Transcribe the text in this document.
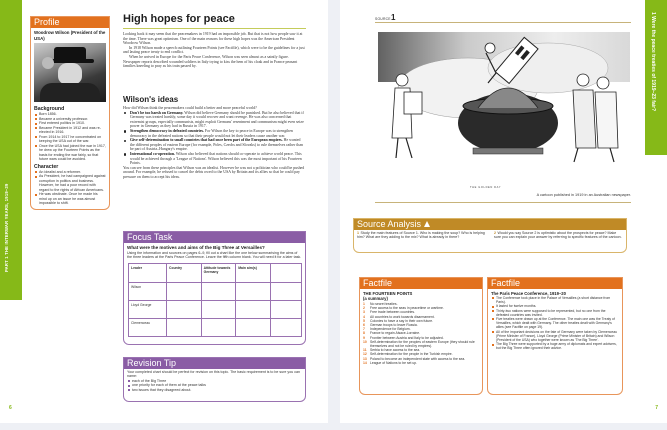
PART 1 THE INTERWAR YEARS, 1919–39
Profile
Woodrow Wilson (President of the USA)
Background
Born 1856.
Became a university professor.
First entered politics in 1910.
Became President in 1912 and was re-elected in 1916.
From 1914 to 1917 he concentrated on keeping the USA out of the war.
Once the USA had joined the war in 1917, he drew up the Fourteen Points as the basis for ending the war fairly, so that future wars could be avoided.
Character
An idealist and a reformer.
As President, he had campaigned against corruption in politics and business. However, he had a poor record with regard to the rights of African Americans.
He was obstinate. Once he made his mind up on an issue he was almost impossible to shift.
High hopes for peace

Looking back it may seem that the peacemakers in 1919 had an impossible job. But that is not how people saw it at the time. There was great optimism. One of the main reasons for these high hopes was the American President Woodrow Wilson.

In 1918 Wilson made a speech outlining Fourteen Points (see Factfile), which were to be the guidelines for a just and lasting peace treaty to end conflict.

When he arrived in Europe for the Paris Peace Conference, Wilson was seen almost as a saintly figure. Newspaper reports described wounded soldiers in Italy trying to kiss the hem of his cloak and in France peasant families kneeling to pray as his train passed by.

Wilson's ideas

How did Wilson think the peacemakers could build a better and more peaceful world?

Don't be too harsh on Germany. Wilson did believe Germany should be punished. But he also believed that if Germany was treated harshly, some day it would recover and want revenge. He was also concerned that extremist groups, especially communists, might exploit Germans' resentment and communism might even seize power in Germany as they had in Russia in 1917.
Strengthen democracy in defeated countries. For Wilson the key to peace in Europe was to strengthen democracy in the defeated nations so that their people would not let their leaders cause another war.
Give self-determination to small countries that had once been part of the European empires. He wanted the different peoples of eastern Europe (for example, Poles, Czechs and Slovaks) to rule themselves rather than be part of Austria–Hungary's empire.
International co-operation. Wilson also believed that nations should co-operate to achieve world peace. This would be achieved through a 'League of Nations'. Wilson believed this was the most important of his Fourteen Points.

You can see from these principles that Wilson was an idealist. However he was not a politician who could be pushed around. For example, he refused to cancel the debts owed to the USA by Britain and its allies so that he could pay pressure on them to accept his ideas.

Focus Task
What were the motives and aims of the Big Three at Versailles?
Using the information and sources on pages 6–9, fill out a chart like the one below summarising the aims of the three leaders at the Paris Peace Conference. Leave the fifth column blank. You will need it for a later task.
Leader	Country	Attitude towards Germany	Main aim(s)	
Wilson				
Lloyd George				
Clemenceau				
Revision Tip
Your completed chart should be perfect for revision on this topic. The basic requirement is to be sure you can name:
each of the Big Three
one priority for each of them at the peace talks
two issues that they disagreed about.
6
1 Were the peace treaties of 1919–23 fair?
SOURCE 1
THE GOLDEN DAY
A cartoon published in 1919 in an Australian newspaper.
Source Analysis
1 Study the main features of Source 1. Who is making the soup? Who is helping him? What are they adding to the mix? What is already in there?
2 Would you say Source 2 is optimistic about the prospects for peace? Make sure you can explain your answer by referring to specific features of the cartoon.
Factfile
THE FOURTEEN POINTS
(a summary)
1 No secret treaties.
2 Free access to the seas in peacetime or wartime.
3 Free trade between countries.
4 All countries to work towards disarmament.
5 Colonies to have a say in their own future.
6 German troops to leave Russia.
7 Independence for Belgium.
8 France to regain Alsace-Lorraine.
9 Frontier between Austria and Italy to be adjusted.
10 Self-determination for the peoples of eastern Europe (they should rule themselves and not be ruled by empires).
11 Serbia to have access to the sea.
12 Self-determination for the people in the Turkish empire.
13 Poland to become an independent state with access to the sea.
14 League of Nations to be set up.
Factfile
The Paris Peace Conference, 1919–20
The Conference took place in the Palace of Versailles (a short distance from Paris).
It lasted for twelve months.
Thirty-two nations were supposed to be represented, but no one from the defeated countries was invited.
Five treaties were drawn up at the Conference. The main one was the Treaty of Versailles, which dealt with Germany. The other treaties dealt with Germany's allies (see Factfile on page 19).
All of the important decisions on the fate of Germany were taken by Clemenceau (Prime Minister of France), Lloyd George (Prime Minister of Britain) and Wilson (President of the USA) who together were known as 'The Big Three'.
The Big Three were supported by a huge army of diplomats and expert advisers, but the Big Three often ignored their advice.
7
